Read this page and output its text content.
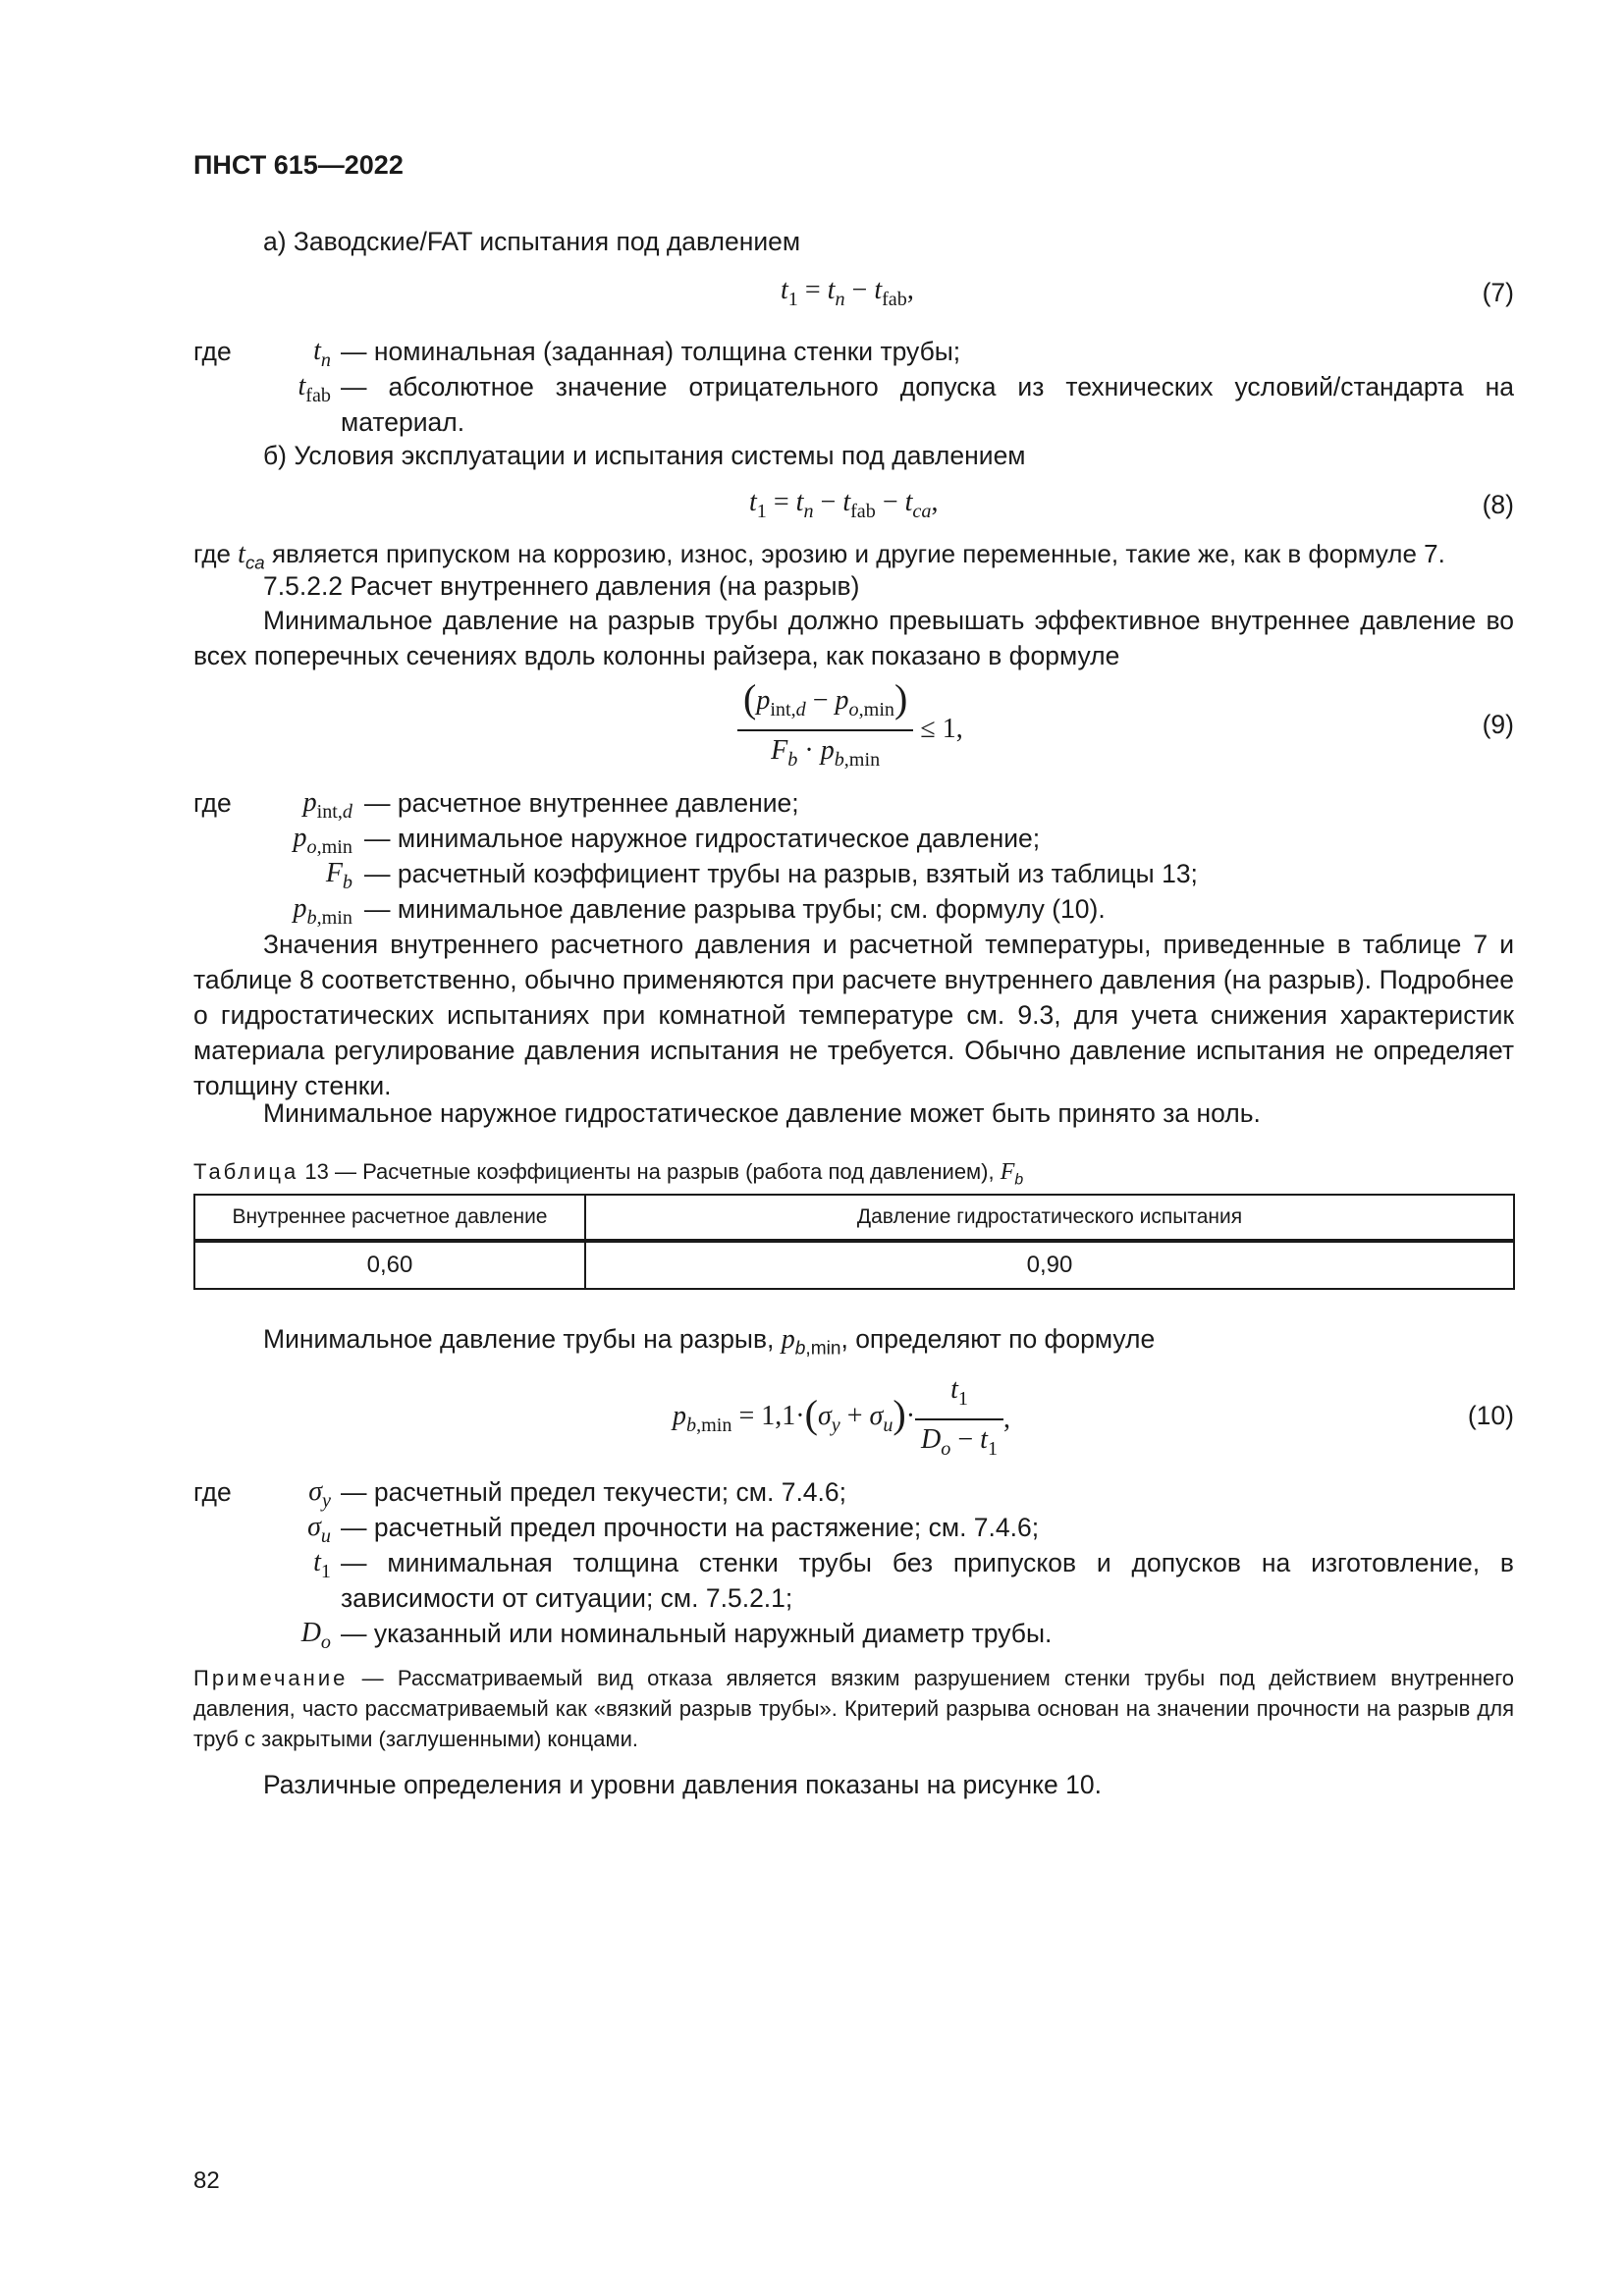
ПНСТ 615—2022
а) Заводские/FAT испытания под давлением
$t_1 = t_n - t_{fab}$,	(7)
где	$t_n$ — номинальная (заданная) толщина стенки трубы;
$t_{fab}$ — абсолютное значение отрицательного допуска из технических условий/стандарта на материал.
б) Условия эксплуатации и испытания системы под давлением
$t_1 = t_n - t_{fab} - t_{ca}$,	(8)
где $t_{ca}$ является припуском на коррозию, износ, эрозию и другие переменные, такие же, как в формуле 7.
7.5.2.2 Расчет внутреннего давления (на разрыв)
Минимальное давление на разрыв трубы должно превышать эффективное внутреннее давление во всех поперечных сечениях вдоль колонны райзера, как показано в формуле
$\frac{(p_{int,d} - p_{o,min})}{F_b \cdot p_{b,min}} \le 1$,	(9)
где	$p_{int,d}$ — расчетное внутреннее давление;
$p_{o,min}$ — минимальное наружное гидростатическое давление;
$F_b$ — расчетный коэффициент трубы на разрыв, взятый из таблицы 13;
$p_{b,min}$ — минимальное давление разрыва трубы; см. формулу (10).
Значения внутреннего расчетного давления и расчетной температуры, приведенные в таблице 7 и таблице 8 соответственно, обычно применяются при расчете внутреннего давления (на разрыв). Подробнее о гидростатических испытаниях при комнатной температуре см. 9.3, для учета снижения характеристик материала регулирование давления испытания не требуется. Обычно давление испытания не определяет толщину стенки.
Минимальное наружное гидростатическое давление может быть принято за ноль.
Таблица 13 — Расчетные коэффициенты на разрыв (работа под давлением), $F_b$
Внутреннее расчетное давление	Давление гидростатического испытания
0,60	0,90
Минимальное давление трубы на разрыв, $p_{b,min}$, определяют по формуле
$p_{b,min} = 1,1\cdot(\sigma_y + \sigma_u)\cdot \frac{t_1}{D_o - t_1}$ ,	(10)
где	$\sigma_y$ — расчетный предел текучести; см. 7.4.6;
$\sigma_u$ — расчетный предел прочности на растяжение; см. 7.4.6;
$t_1$ — минимальная толщина стенки трубы без припусков и допусков на изготовление, в зависимости от ситуации; см. 7.5.2.1;
$D_o$ — указанный или номинальный наружный диаметр трубы.
Примечание — Рассматриваемый вид отказа является вязким разрушением стенки трубы под действием внутреннего давления, часто рассматриваемый как «вязкий разрыв трубы». Критерий разрыва основан на значении прочности на разрыв для труб с закрытыми (заглушенными) концами.
Различные определения и уровни давления показаны на рисунке 10.
82
